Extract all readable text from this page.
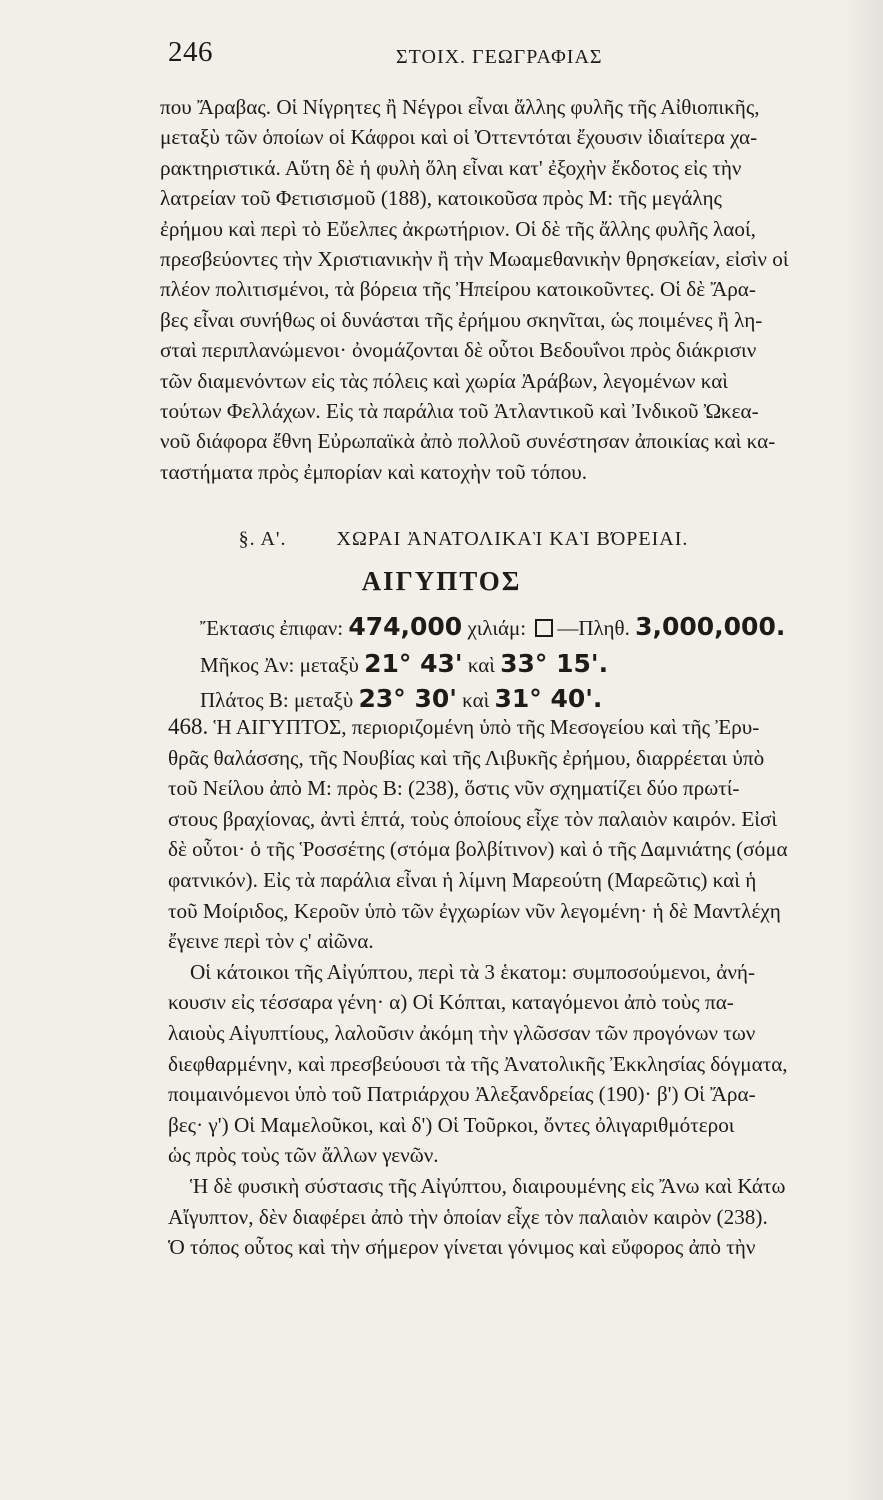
246	ΣΤΟΙΧ. ΓΕΩΓΡΑΦΙΑΣ

που Ἄραβας. Οἱ Νίγρητες ἢ Νέγροι εἶναι ἄλλης φυλῆς τῆς Αἰθιοπικῆς,

μεταξὺ τῶν ὁποίων οἱ Κάφροι καὶ οἱ Ὀττεντόται ἔχουσιν ἰδιαίτερα χα-

ρακτηριστικά. Αὕτη δὲ ἡ φυλὴ ὅλη εἶναι κατ' ἐξοχὴν ἔκδοτος εἰς τὴν

λατρείαν τοῦ Φετισισμοῦ (188), κατοικοῦσα πρὸς Μ: τῆς μεγάλης

ἐρήμου καὶ περὶ τὸ Εὔελπες ἀκρωτήριον. Οἱ δὲ τῆς ἄλλης φυλῆς λαοί,

πρεσβεύοντες τὴν Χριστιανικὴν ἢ τὴν Μωαμεθανικὴν θρησκείαν, εἰσὶν οἱ

πλέον πολιτισμένοι, τὰ βόρεια τῆς Ἠπείρου κατοικοῦντες. Οἱ δὲ Ἄρα-

βες εἶναι συνήθως οἱ δυνάσται τῆς ἐρήμου σκηνῖται, ὡς ποιμένες ἢ λη-

σταὶ περιπλανώμενοι· ὀνομάζονται δὲ οὗτοι Βεδουΐνοι πρὸς διάκρισιν

τῶν διαμενόντων εἰς τὰς πόλεις καὶ χωρία Ἀράβων, λεγομένων καὶ

τούτων Φελλάχων. Εἰς τὰ παράλια τοῦ Ἀτλαντικοῦ καὶ Ἰνδικοῦ Ὠκεα-

νοῦ διάφορα ἔθνη Εὐρωπαϊκὰ ἀπὸ πολλοῦ συνέστησαν ἀποικίας καὶ κα-

ταστήματα πρὸς ἐμπορίαν καὶ κατοχὴν τοῦ τόπου.

§. Α'.	ΧΩΡΑΙ ἈΝΑΤΟΛΙΚΑῚ ΚΑῚ ΒΌΡΕΙΑΙ.
ΑΙΓΥΠΤΟΣ
Ἔκτασις ἐπιφαν: 474,000 χιλιάμ: —Πληθ. 3,000,000.
Μῆκος Ἀν: μεταξὺ 21° 43' καὶ 33° 15'.
Πλάτος Β: μεταξὺ 23° 30' καὶ 31° 40'.

468. Ἡ ΑΙΓΥΠΤΟΣ, περιοριζομένη ὑπὸ τῆς Μεσογείου καὶ τῆς Ἐρυ-

θρᾶς θαλάσσης, τῆς Νουβίας καὶ τῆς Λιβυκῆς ἐρήμου, διαρρέεται ὑπὸ

τοῦ Νείλου ἀπὸ Μ: πρὸς Β: (238), ὅστις νῦν σχηματίζει δύο πρωτί-

στους βραχίονας, ἀντὶ ἑπτά, τοὺς ὁποίους εἶχε τὸν παλαιὸν καιρόν. Εἰσὶ

δὲ οὗτοι· ὁ τῆς Ῥοσσέτης (στόμα βολβίτινον) καὶ ὁ τῆς Δαμνιάτης (σόμα

φατνικόν). Εἰς τὰ παράλια εἶναι ἡ λίμνη Μαρεούτη (Μαρεῶτις) καὶ ἡ

τοῦ Μοίριδος, Κεροῦν ὑπὸ τῶν ἐγχωρίων νῦν λεγομένη· ἡ δὲ Μαντλέχη

ἔγεινε περὶ τὸν ς' αἰῶνα.

Οἱ κάτοικοι τῆς Αἰγύπτου, περὶ τὰ 3 ἑκατομ: συμποσούμενοι, ἀνή-

κουσιν εἰς τέσσαρα γένη· α) Οἱ Κόπται, καταγόμενοι ἀπὸ τοὺς πα-

λαιοὺς Αἰγυπτίους, λαλοῦσιν ἀκόμη τὴν γλῶσσαν τῶν προγόνων των

διεφθαρμένην, καὶ πρεσβεύουσι τὰ τῆς Ἀνατολικῆς Ἐκκλησίας δόγματα,

ποιμαινόμενοι ὑπὸ τοῦ Πατριάρχου Ἀλεξανδρείας (190)· β') Οἱ Ἄρα-

βες· γ') Οἱ Μαμελοῦκοι, καὶ δ') Οἱ Τοῦρκοι, ὄντες ὀλιγαριθμότεροι

ὡς πρὸς τοὺς τῶν ἄλλων γενῶν.

Ἡ δὲ φυσικὴ σύστασις τῆς Αἰγύπτου, διαιρουμένης εἰς Ἄνω καὶ Κάτω

Αἴγυπτον, δὲν διαφέρει ἀπὸ τὴν ὁποίαν εἶχε τὸν παλαιὸν καιρὸν (238).

Ὁ τόπος οὗτος καὶ τὴν σήμερον γίνεται γόνιμος καὶ εὔφορος ἀπὸ τὴν
